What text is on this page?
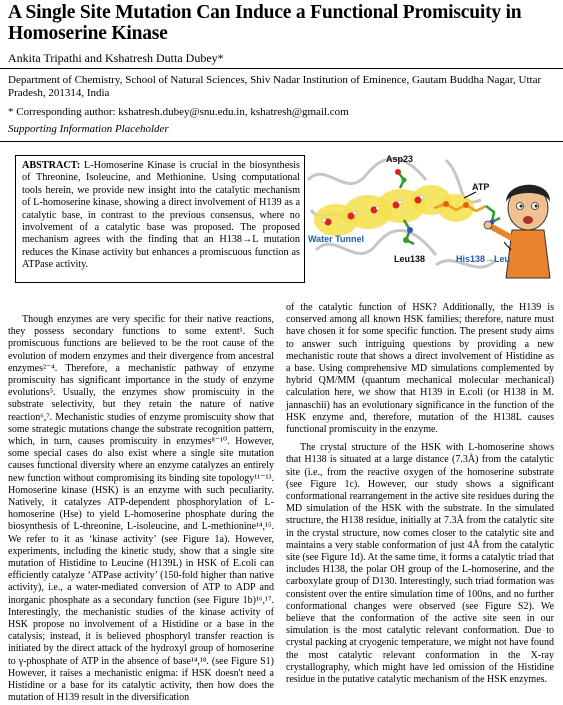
A Single Site Mutation Can Induce a Functional Promiscuity in Homoserine Kinase
Ankita Tripathi and Kshatresh Dutta Dubey*
Department of Chemistry, School of Natural Sciences, Shiv Nadar Institution of Eminence, Gautam Buddha Nagar, Uttar Pradesh, 201314, India
* Corresponding author: kshatresh.dubey@snu.edu.in, kshatresh@gmail.com
Supporting Information Placeholder
ABSTRACT: L-Homoserine Kinase is crucial in the biosynthesis of Threonine, Isoleucine, and Methionine. Using computational tools herein, we provide new insight into the catalytic mechanism of L-homoserine kinase, showing a direct involvement of H139 as a catalytic base, in contrast to the previous consensus, where no involvement of a catalytic base was proposed. The proposed mechanism agrees with the finding that an H138→L mutation reduces the Kinase activity but enhances a promiscuous function as ATPase activity.
Asp23
ATP
Water Tunnel
Leu138	His138→Leu

Though enzymes are very specific for their native reactions, they possess secondary functions to some extent¹. Such promiscuous functions are believed to be the root cause of the evolution of modern enzymes and their divergence from ancestral enzymes²⁻⁴. Therefore, a mechanistic pathway of enzyme promiscuity has significant importance in the study of enzyme evolutions⁵. Usually, the enzymes show promiscuity in the substrate selectivity, but they retain the nature of native reaction⁶,⁷. Mechanistic studies of enzyme promiscuity show that some strategic mutations change the substrate recognition pattern, which, in turn, causes promiscuity in enzymes⁸⁻¹⁰. However, some special cases do also exist where a single site mutation causes functional diversity where an enzyme catalyzes an entirely new function without compromising its binding site topology¹¹⁻¹³. Homoserine kinase (HSK) is an enzyme with such peculiarity. Natively, it catalyzes ATP-dependent phosphorylation of L-homoserine (Hse) to yield L-homoserine phosphate during the biosynthesis of L-threonine, L-isoleucine, and L-methionine¹⁴,¹⁵. We refer to it as ‘kinase activity’ (see Figure 1a). However, experiments, including the kinetic study, show that a single site mutation of Histidine to Leucine (H139L) in HSK of E.coli can efficiently catalyze ‘ATPase activity’ (150-fold higher than native activity), i.e., a water-mediated conversion of ATP to ADP and inorganic phosphate as a secondary function (see Figure 1b)¹⁶,¹⁷. Interestingly, the mechanistic studies of the kinase activity of HSK propose no involvement of a Histidine or a base in the catalysis; instead, it is believed phosphoryl transfer reaction is initiated by the direct attack of the hydroxyl group of homoserine to γ-phosphate of ATP in the absence of base¹⁴,¹⁸. (see Figure S1) However, it raises a mechanistic enigma: if HSK doesn't need a Histidine or a base for its catalytic activity, then how does the mutation of H139 result in the diversification

of the catalytic function of HSK? Additionally, the H139 is conserved among all known HSK families; therefore, nature must have chosen it for some specific function. The present study aims to answer such intriguing questions by providing a new mechanistic route that shows a direct involvement of Histidine as a base. Using comprehensive MD simulations complemented by hybrid QM/MM (quantum mechanical molecular mechanical) calculation here, we show that H139 in E.coli (or H138 in M. jannaschii) has an evolutionary significance in the function of the HSK enzyme and, therefore, mutation of the H138L causes functional promiscuity in the enzyme.

The crystal structure of the HSK with L-homoserine shows that H138 is situated at a large distance (7.3Å) from the catalytic site (i.e., from the reactive oxygen of the homoserine substrate (see Figure 1c). However, our study shows a significant conformational rearrangement in the active site residues during the MD simulation of the HSK with the substrate. In the simulated structure, the H138 residue, initially at 7.3Å from the catalytic site in the crystal structure, now comes closer to the catalytic site and maintains a very stable conformation of just 4Å from the catalytic site (see Figure 1d). At the same time, it forms a catalytic triad that includes H138, the polar OH group of the L-homoserine, and the carboxylate group of D130. Interestingly, such triad formation was consistent over the entire simulation time of 100ns, and no further conformational changes were observed (see Figure S2). We believe that the conformation of the active site seen in our simulation is the most catalytic relevant conformation. Due to crystal packing at cryogenic temperature, we might not have found the most catalytic relevant conformation in the X-ray crystallography, which might have led omission of the Histidine residue in the putative catalytic mechanism of the HSK enzymes.
